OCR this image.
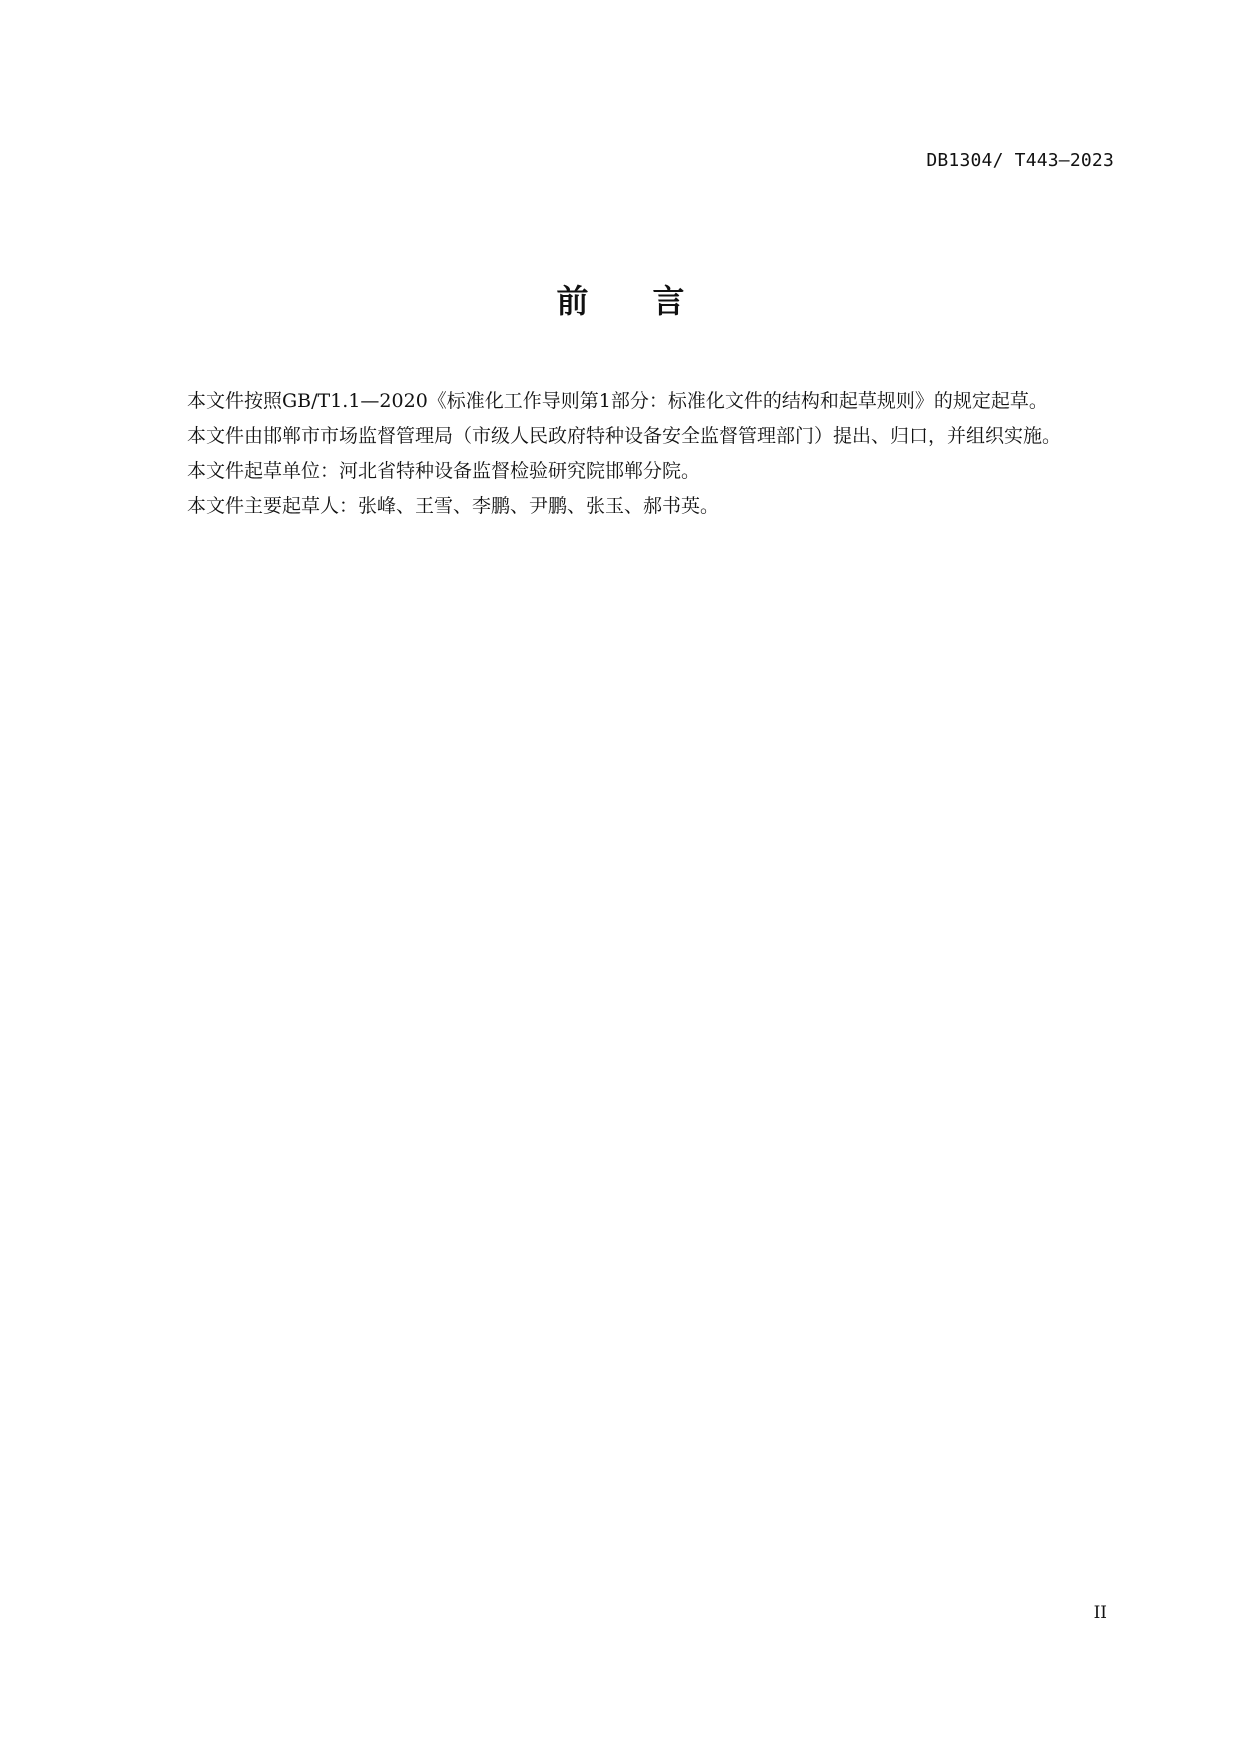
DB1304/ T443—2023
前 言

本文件按照GB/T1.1—2020《标准化工作导则第1部分：标准化文件的结构和起草规则》的规定起草。

本文件由邯郸市市场监督管理局（市级人民政府特种设备安全监督管理部门）提出、归口，并组织实施。

本文件起草单位：河北省特种设备监督检验研究院邯郸分院。

本文件主要起草人：张峰、王雪、李鹏、尹鹏、张玉、郝书英。

II
